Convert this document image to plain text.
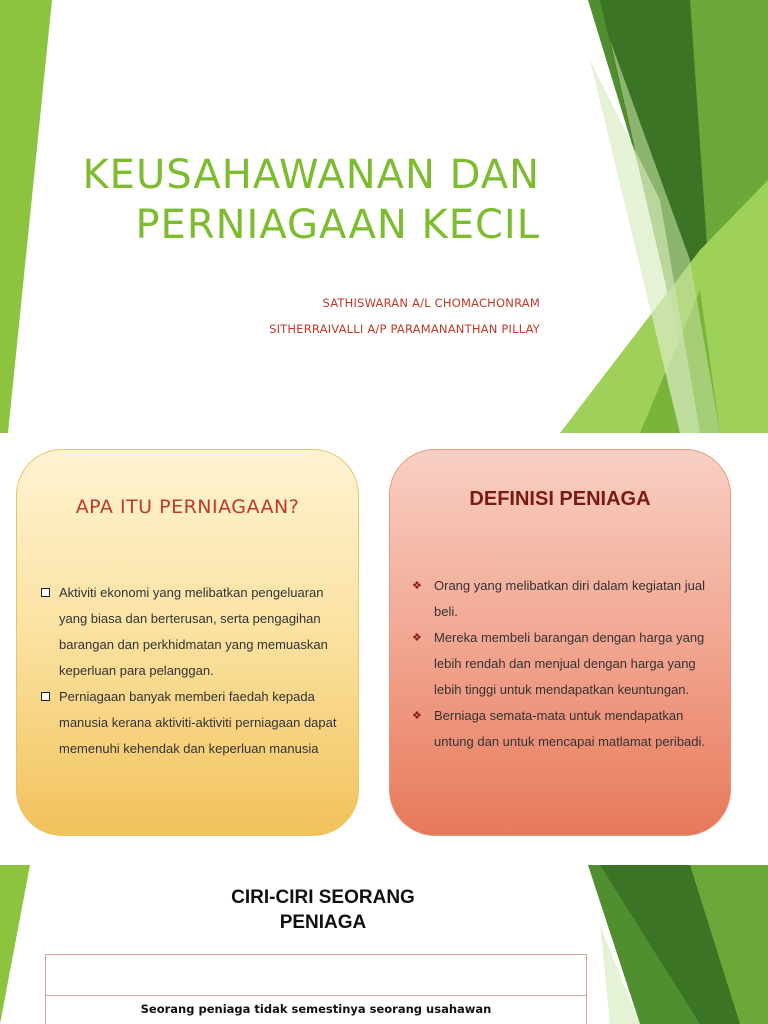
KEUSAHAWANAN DAN
PERNIAGAAN KECIL
SATHISWARAN A/L CHOMACHONRAM
SITHERRAIVALLI A/P PARAMANANTHAN PILLAY
APA ITU PERNIAGAAN?
Aktiviti ekonomi yang melibatkan pengeluaran yang biasa dan berterusan, serta pengagihan barangan dan perkhidmatan yang memuaskan keperluan para pelanggan.
Perniagaan banyak memberi faedah kepada manusia kerana aktiviti-aktiviti perniagaan dapat memenuhi kehendak dan keperluan manusia
DEFINISI PENIAGA
❖ Orang yang melibatkan diri dalam kegiatan jual beli.
❖ Mereka membeli barangan dengan harga yang lebih rendah dan menjual dengan harga yang lebih tinggi untuk mendapatkan keuntungan.
❖ Berniaga semata-mata untuk mendapatkan untung dan untuk mencapai matlamat peribadi.
CIRI-CIRI SEORANG
PENIAGA
Seorang peniaga tidak semestinya seorang usahawan
